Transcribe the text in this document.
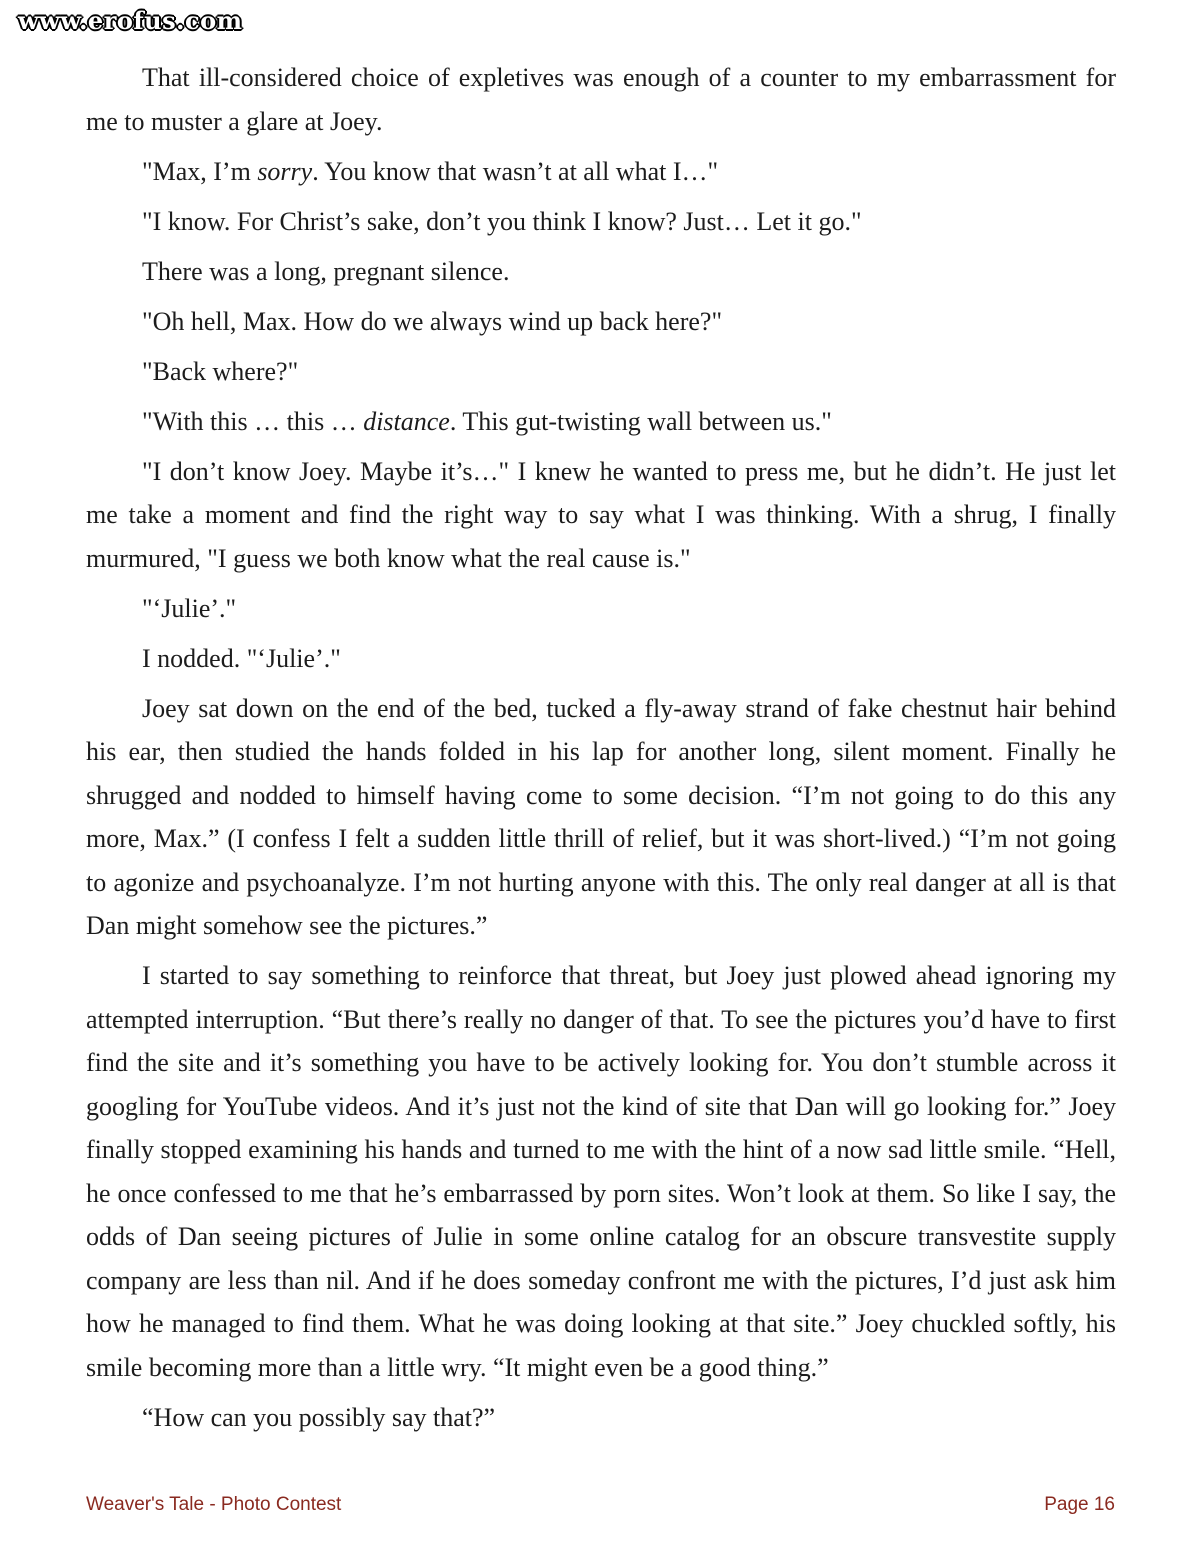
www.erofus.com

That ill-considered choice of expletives was enough of a counter to my embarrassment for me to muster a glare at Joey.

"Max, I’m sorry. You know that wasn’t at all what I…"

"I know. For Christ’s sake, don’t you think I know? Just… Let it go."

There was a long, pregnant silence.

"Oh hell, Max. How do we always wind up back here?"

"Back where?"

"With this … this … distance. This gut-twisting wall between us."

"I don’t know Joey. Maybe it’s…" I knew he wanted to press me, but he didn’t. He just let me take a moment and find the right way to say what I was thinking. With a shrug, I finally murmured, "I guess we both know what the real cause is."

"‘Julie’."

I nodded. "‘Julie’."

Joey sat down on the end of the bed, tucked a fly-away strand of fake chestnut hair behind his ear, then studied the hands folded in his lap for another long, silent moment. Finally he shrugged and nodded to himself having come to some decision. “I’m not going to do this any more, Max.” (I confess I felt a sudden little thrill of relief, but it was short-lived.) “I’m not going to agonize and psychoanalyze. I’m not hurting anyone with this. The only real danger at all is that Dan might somehow see the pictures.”

I started to say something to reinforce that threat, but Joey just plowed ahead ignoring my attempted interruption. “But there’s really no danger of that. To see the pictures you’d have to first find the site and it’s something you have to be actively looking for. You don’t stumble across it googling for YouTube videos. And it’s just not the kind of site that Dan will go looking for.” Joey finally stopped examining his hands and turned to me with the hint of a now sad little smile. “Hell, he once confessed to me that he’s embarrassed by porn sites. Won’t look at them. So like I say, the odds of Dan seeing pictures of Julie in some online catalog for an obscure transvestite supply company are less than nil. And if he does someday confront me with the pictures, I’d just ask him how he managed to find them. What he was doing looking at that site.” Joey chuckled softly, his smile becoming more than a little wry. “It might even be a good thing.”

“How can you possibly say that?”

Weaver's Tale - Photo Contest	Page 16
